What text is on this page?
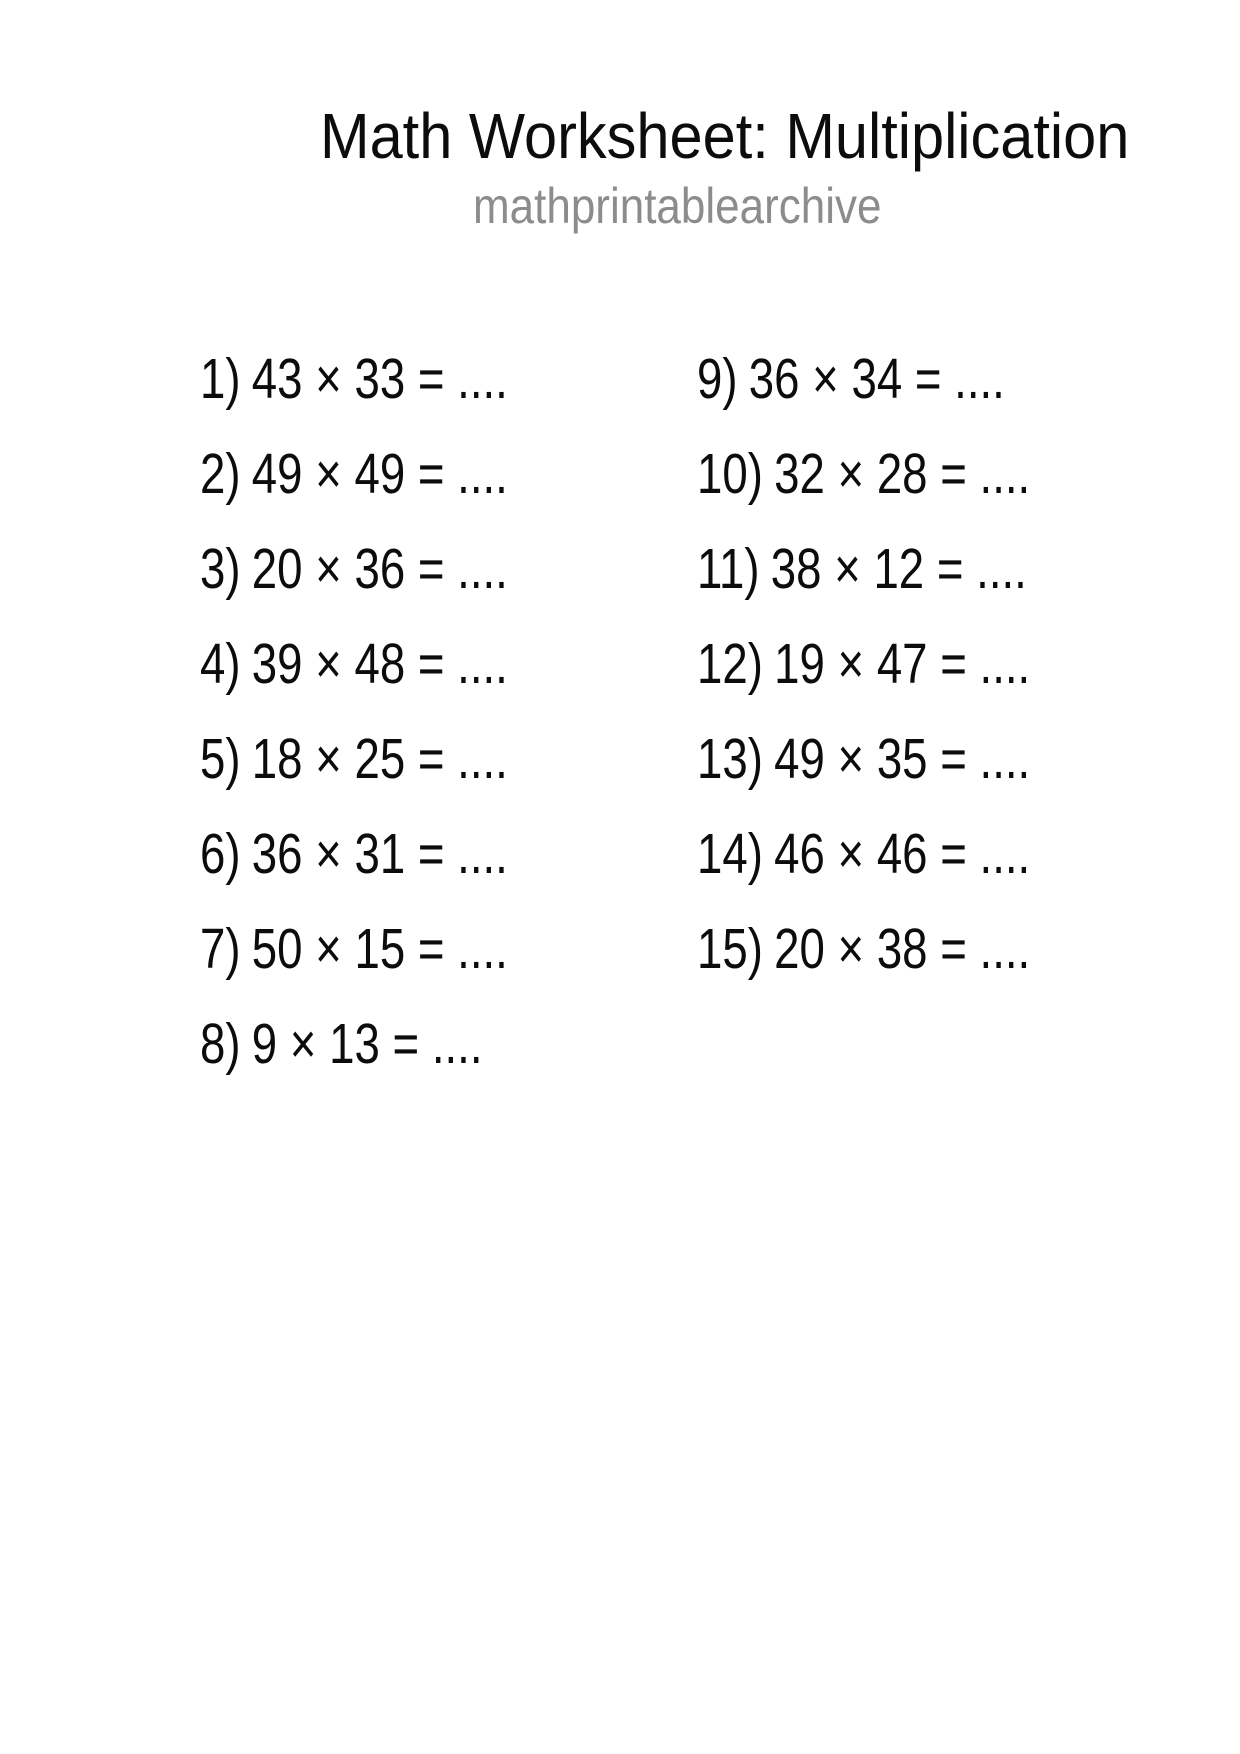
Math Worksheet: Multiplication
mathprintablearchive
1) 43 × 33 = ....
2) 49 × 49 = ....
3) 20 × 36 = ....
4) 39 × 48 = ....
5) 18 × 25 = ....
6) 36 × 31 = ....
7) 50 × 15 = ....
8) 9 × 13 = ....
9) 36 × 34 = ....
10) 32 × 28 = ....
11) 38 × 12 = ....
12) 19 × 47 = ....
13) 49 × 35 = ....
14) 46 × 46 = ....
15) 20 × 38 = ....
